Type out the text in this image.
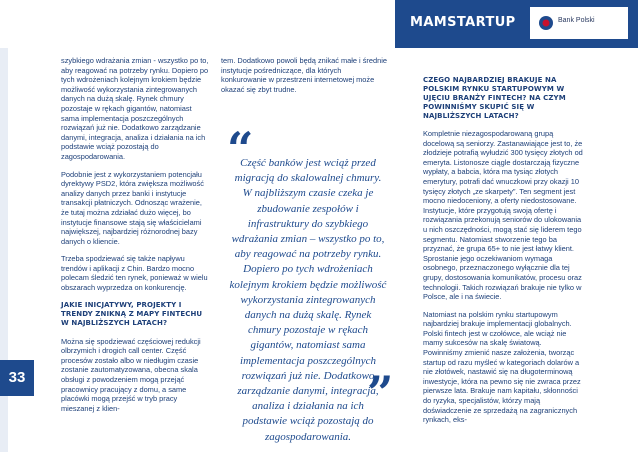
MAMSTARTUP	Bank Polski
33

szybkiego wdrażania zmian - wszystko po to, aby reagować na potrzeby rynku. Dopiero po tych wdrożeniach kolejnym krokiem będzie możliwość wykorzystania zintegrowanych danych na dużą skalę. Rynek chmury pozostaje w rękach gigantów, natomiast sama implementacja poszczególnych rozwiązań już nie. Dodatkowo zarządzanie danymi, integracja, analiza i działania na ich podstawie wciąż pozostają do zagospodarowania.

Podobnie jest z wykorzystaniem potencjału dyrektywy PSD2, która zwiększa możliwość analizy danych przez banki i instytucje transakcji płatniczych. Odnosząc wrażenie, że tutaj można zdziałać dużo więcej, bo instytucje finansowe stają się właścicielami największej, najbardziej różnorodnej bazy danych o kliencie.

Trzeba spodziewać się także napływu trendów i aplikacji z Chin. Bardzo mocno polecam śledzić ten rynek, ponieważ w wielu obszarach wyprzedza on konkurencję.

JAKIE INICJATYWY, PROJEKTY I TRENDY ZNIKNĄ Z MAPY FINTECHU W NAJBLIŻSZYCH LATACH?

Można się spodziewać częściowej redukcji olbrzymich i drogich call center. Część procesów zostało albo w niedługim czasie zostanie zautomatyzowana, obecna skala obsługi z powodzeniem mogą przejąć pracownicy pracujący z domu, a same placówki mogą przejść w tryb pracy mieszanej z klien-

tem. Dodatkowo powoli będą znikać małe i średnie instytucje pośredniczące, dla których konkurowanie w przestrzeni internetowej może okazać się zbyt trudne.

“
Część banków jest wciąż przed migracją do skalowalnej chmury. W najbliższym czasie czeka je zbudowanie zespołów i infrastruktury do szybkiego wdrażania zmian – wszystko po to, aby reagować na potrzeby rynku. Dopiero po tych wdrożeniach kolejnym krokiem będzie możliwość wykorzystania zintegrowanych danych na dużą skalę. Rynek chmury pozostaje w rękach gigantów, natomiast sama implementacja poszczególnych rozwiązań już nie. Dodatkowo zarządzanie danymi, integracja, analiza i działania na ich podstawie wciąż pozostają do zagospodarowania.
”

CZEGO NAJBARDZIEJ BRAKUJE NA POLSKIM RYNKU STARTUPOWYM W UJĘCIU BRANŻY FINTECH? NA CZYM POWINNIŚMY SKUPIĆ SIĘ W NAJBLIŻSZYCH LATACH?

Kompletnie niezagospodarowaną grupą docelową są seniorzy. Zastanawiające jest to, że złodzieje potrafią wyłudzić 300 tysięcy złotych od emeryta. Listonosze ciągle dostarczają fizyczne wypłaty, a babcia, która ma tysiąc złotych emerytury, potrafi dać wnuczkowi przy okazji 10 tysięcy złotych „ze skarpety”. Ten segment jest mocno niedoceniony, a oferty niedostosowane. Instytucje, które przygotują swoją ofertę i rozwiązania przekonują seniorów do ulokowania u nich oszczędności, mogą stać się liderem tego segmentu. Natomiast stworzenie tego ba przyznać, że grupa 65+ to nie jest łatwy klient. Sprostanie jego oczekiwaniom wymaga osobnego, przeznaczonego wyłącznie dla tej grupy, dostosowania komunikatów, procesu oraz technologii. Takich rozwiązań brakuje nie tylko w Polsce, ale i na świecie.

Natomiast na polskim rynku startupowym najbardziej brakuje implementacji globalnych. Polski fintech jest w czołówce, ale wciąż nie mamy sukcesów na skalę światową. Powinniśmy zmienić nasze założenia, tworząc startup od razu myśleć w kategoriach dolarów a nie złotówek, nastawić się na długoterminową inwestycje, która na pewno się nie zwraca przez pierwsze lata. Brakuje nam kapitału, skłonności do ryzyka, specjalistów, którzy mają doświadczenie ze sprzedażą na zagranicznych rynkach, eks-
